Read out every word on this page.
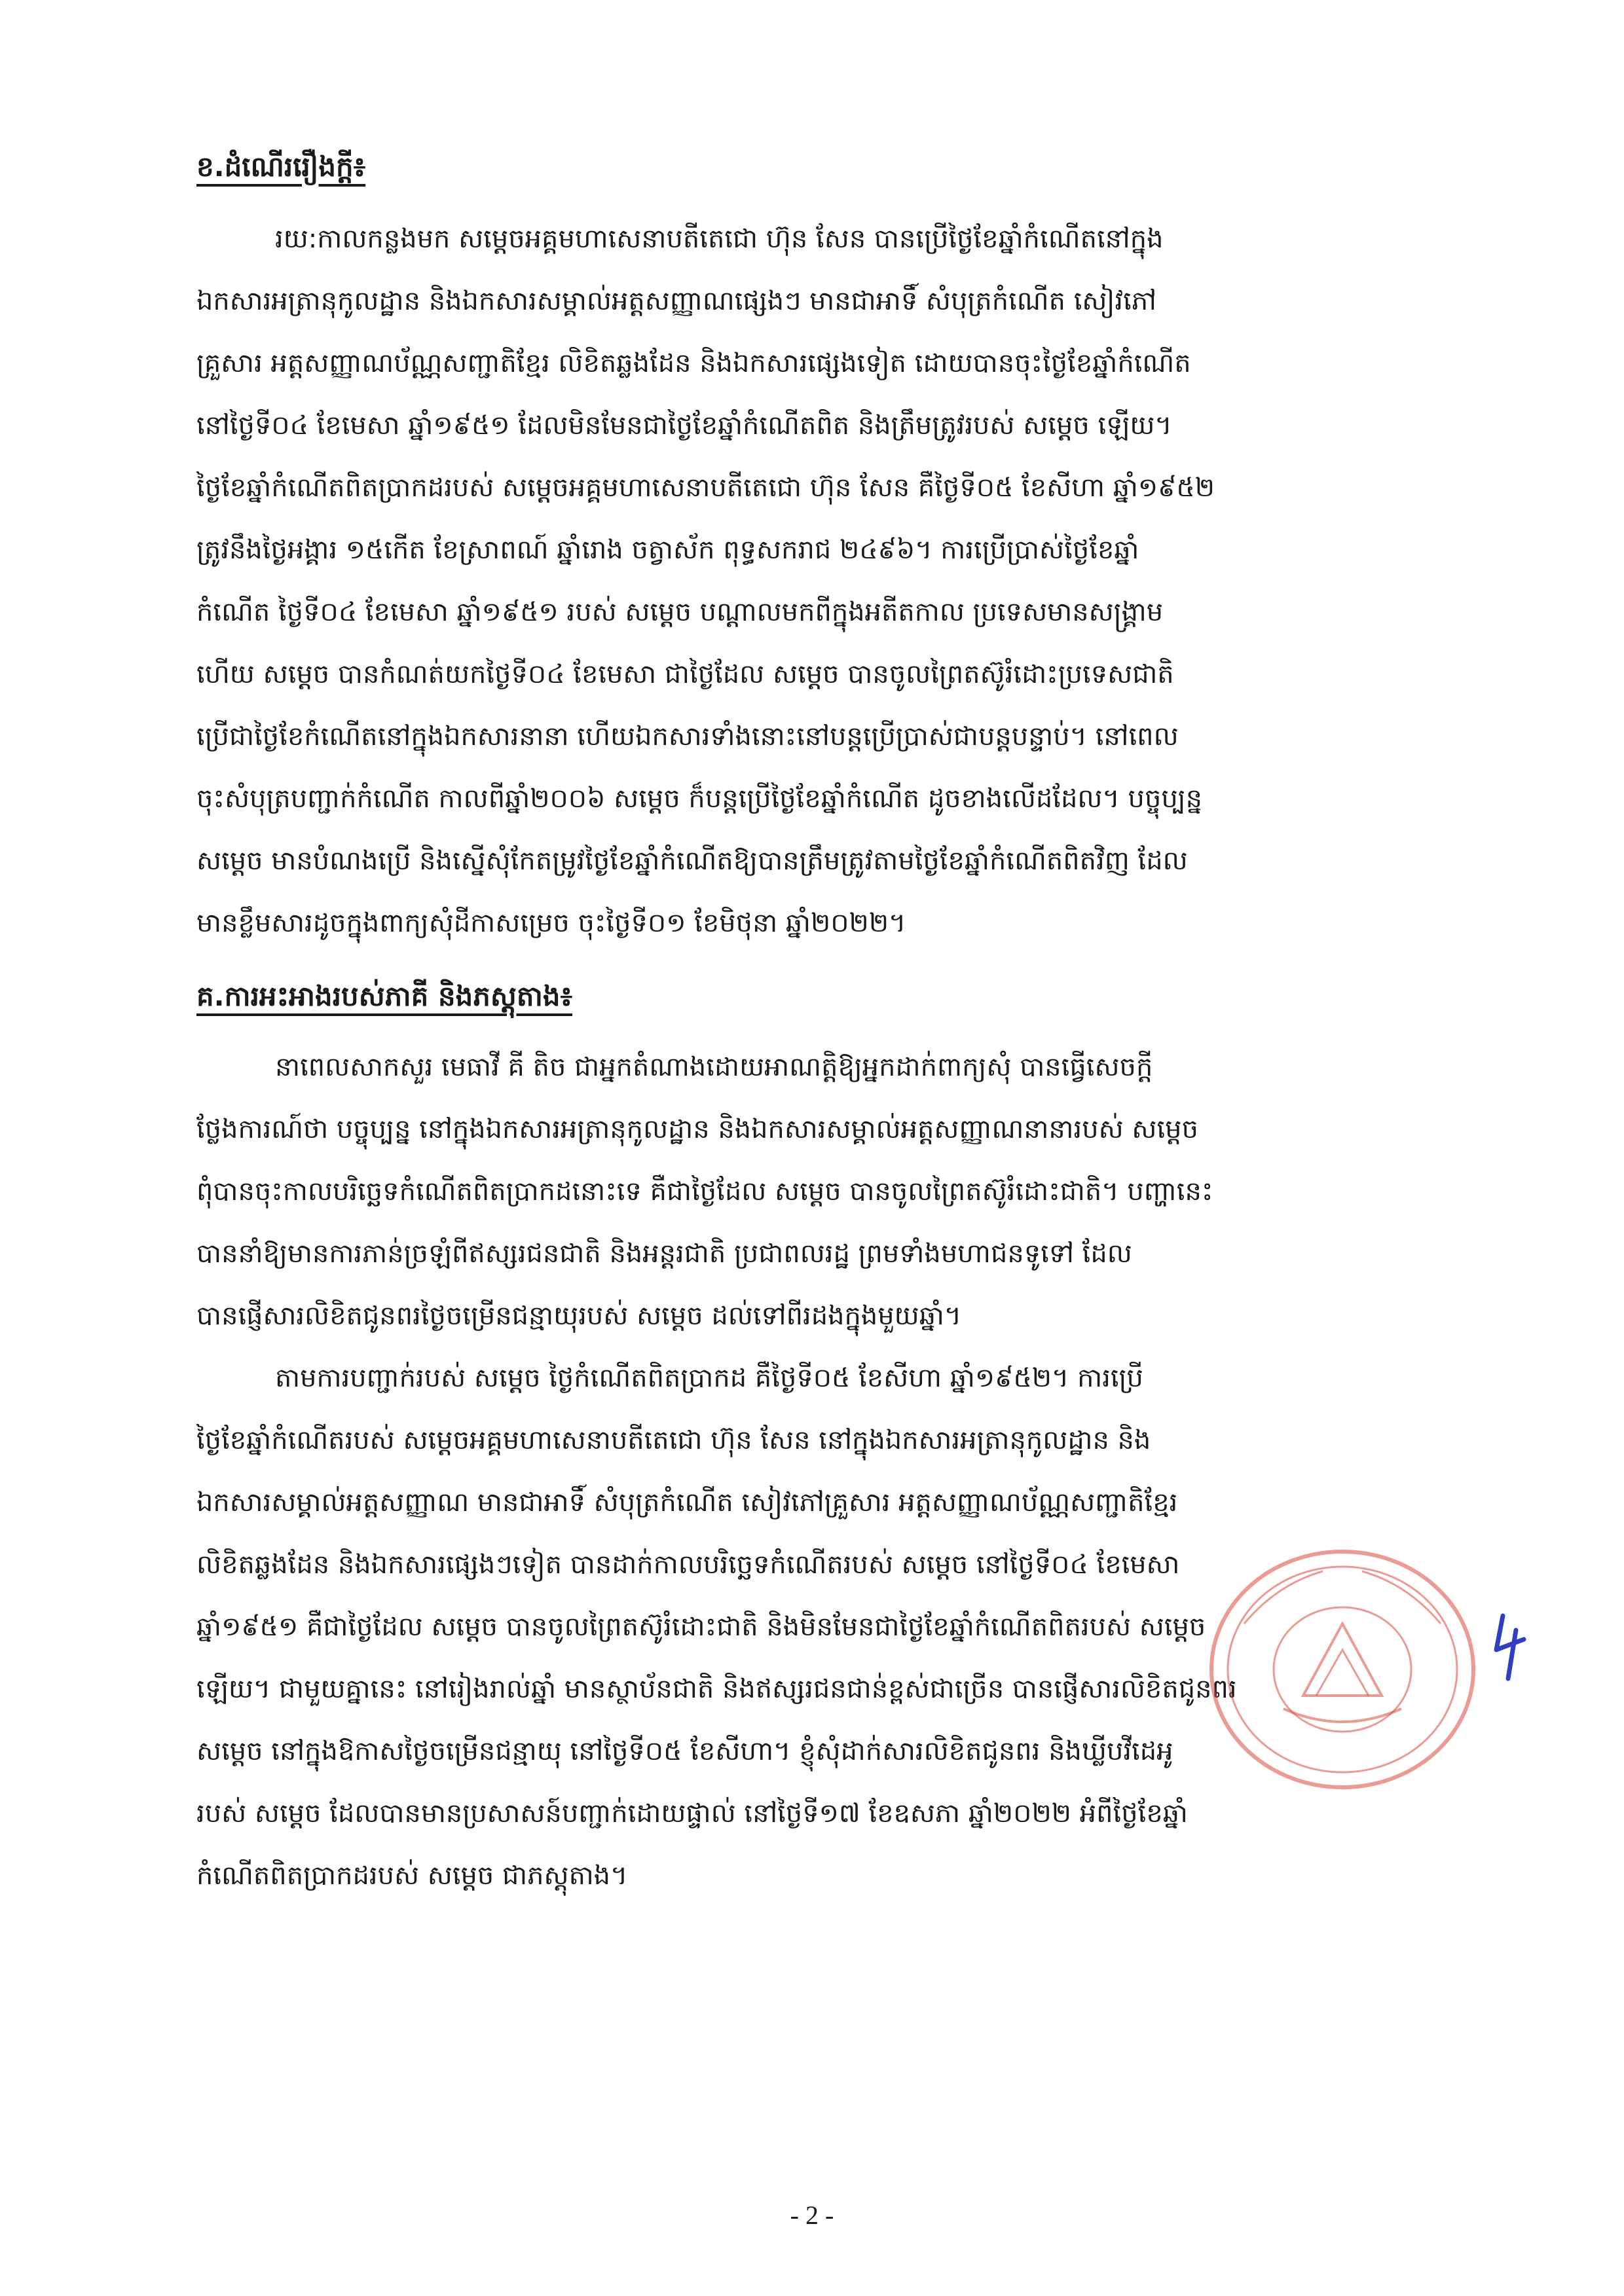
ខ.ដំណើររឿងក្តី៖
រយ:កាលកន្លងមក សម្តេចអគ្គមហាសេនាបតីតេជោ ហ៊ុន សែន បានប្រើថ្ងៃខែឆ្នាំកំណើតនៅក្នុង
ឯកសារអត្រានុកូលដ្ឋាន និងឯកសារសម្គាល់អត្តសញ្ញាណផ្សេងៗ មានជាអាទិ៍ សំបុត្រកំណើត សៀវភៅ
គ្រួសារ អត្តសញ្ញាណប័ណ្ណសញ្ជាតិខ្មែរ លិខិតឆ្លងដែន និងឯកសារផ្សេងទៀត ដោយបានចុះថ្ងៃខែឆ្នាំកំណើត
នៅថ្ងៃទី០៤ ខែមេសា ឆ្នាំ១៩៥១ ដែលមិនមែនជាថ្ងៃខែឆ្នាំកំណើតពិត និងត្រឹមត្រូវរបស់ សម្តេច ឡើយ។
ថ្ងៃខែឆ្នាំកំណើតពិតប្រាកដរបស់ សម្តេចអគ្គមហាសេនាបតីតេជោ ហ៊ុន សែន គឺថ្ងៃទី០៥ ខែសីហា ឆ្នាំ១៩៥២
ត្រូវនឹងថ្ងៃអង្គារ ១៥កើត ខែស្រាពណ៍ ឆ្នាំរោង ចត្វាស័ក ពុទ្ធសករាជ ២៤៩៦។ ការប្រើប្រាស់ថ្ងៃខែឆ្នាំ
កំណើត ថ្ងៃទី០៤ ខែមេសា ឆ្នាំ១៩៥១ របស់ សម្តេច បណ្តាលមកពីក្នុងអតីតកាល ប្រទេសមានសង្គ្រាម
ហើយ សម្តេច បានកំណត់យកថ្ងៃទី០៤ ខែមេសា ជាថ្ងៃដែល សម្តេច បានចូលព្រៃតស៊ូរំដោះប្រទេសជាតិ
ប្រើជាថ្ងៃខែកំណើតនៅក្នុងឯកសារនានា ហើយឯកសារទាំងនោះនៅបន្តប្រើប្រាស់ជាបន្តបន្ទាប់។ នៅពេល
ចុះសំបុត្របញ្ជាក់កំណើត កាលពីឆ្នាំ២០០៦ សម្តេច ក៏បន្តប្រើថ្ងៃខែឆ្នាំកំណើត ដូចខាងលើដដែល។ បច្ចុប្បន្ន
សម្តេច មានបំណងប្រើ និងស្នើសុំកែតម្រូវថ្ងៃខែឆ្នាំកំណើតឱ្យបានត្រឹមត្រូវតាមថ្ងៃខែឆ្នាំកំណើតពិតវិញ ដែល
មានខ្លឹមសារដូចក្នុងពាក្យសុំដីកាសម្រេច ចុះថ្ងៃទី០១ ខែមិថុនា ឆ្នាំ២០២២។
គ.ការអះអាងរបស់ភាគី និងភស្តុតាង៖
នាពេលសាកសួរ មេធាវី គី តិច ជាអ្នកតំណាងដោយអាណត្តិឱ្យអ្នកដាក់ពាក្យសុំ បានធ្វើសេចក្តី
ថ្លែងការណ៍ថា បច្ចុប្បន្ន នៅក្នុងឯកសារអត្រានុកូលដ្ឋាន និងឯកសារសម្គាល់អត្តសញ្ញាណនានារបស់ សម្តេច
ពុំបានចុះកាលបរិច្ឆេទកំណើតពិតប្រាកដនោះទេ គឺជាថ្ងៃដែល សម្តេច បានចូលព្រៃតស៊ូរំដោះជាតិ។ បញ្ហានេះ
បាននាំឱ្យមានការភាន់ច្រឡំពីឥស្សរជនជាតិ និងអន្តរជាតិ ប្រជាពលរដ្ឋ ព្រមទាំងមហាជនទូទៅ ដែល
បានផ្ញើសារលិខិតជូនពរថ្ងៃចម្រើនជន្មាយុរបស់ សម្តេច ដល់ទៅពីរដងក្នុងមួយឆ្នាំ។
តាមការបញ្ជាក់របស់ សម្តេច ថ្ងៃកំណើតពិតប្រាកដ គឺថ្ងៃទី០៥ ខែសីហា ឆ្នាំ១៩៥២។ ការប្រើ
ថ្ងៃខែឆ្នាំកំណើតរបស់ សម្តេចអគ្គមហាសេនាបតីតេជោ ហ៊ុន សែន នៅក្នុងឯកសារអត្រានុកូលដ្ឋាន និង
ឯកសារសម្គាល់អត្តសញ្ញាណ មានជាអាទិ៍ សំបុត្រកំណើត សៀវភៅគ្រួសារ អត្តសញ្ញាណប័ណ្ណសញ្ជាតិខ្មែរ
លិខិតឆ្លងដែន និងឯកសារផ្សេងៗទៀត បានដាក់កាលបរិច្ឆេទកំណើតរបស់ សម្តេច នៅថ្ងៃទី០៤ ខែមេសា
ឆ្នាំ១៩៥១ គឺជាថ្ងៃដែល សម្តេច បានចូលព្រៃតស៊ូរំដោះជាតិ និងមិនមែនជាថ្ងៃខែឆ្នាំកំណើតពិតរបស់ សម្តេច
ឡើយ។ ជាមួយគ្នានេះ នៅរៀងរាល់ឆ្នាំ មានស្ថាប័នជាតិ និងឥស្សរជនជាន់ខ្ពស់ជាច្រើន បានផ្ញើសារលិខិតជូនពរ
សម្តេច នៅក្នុងឱកាសថ្ងៃចម្រើនជន្មាយុ នៅថ្ងៃទី០៥ ខែសីហា។ ខ្ញុំសុំដាក់សារលិខិតជូនពរ និងឃ្លីបវីដេអូ
របស់ សម្តេច ដែលបានមានប្រសាសន៍បញ្ជាក់ដោយផ្ទាល់ នៅថ្ងៃទី១៧ ខែឧសភា ឆ្នាំ២០២២ អំពីថ្ងៃខែឆ្នាំ
កំណើតពិតប្រាកដរបស់ សម្តេច ជាភស្តុតាង។
- 2 -
